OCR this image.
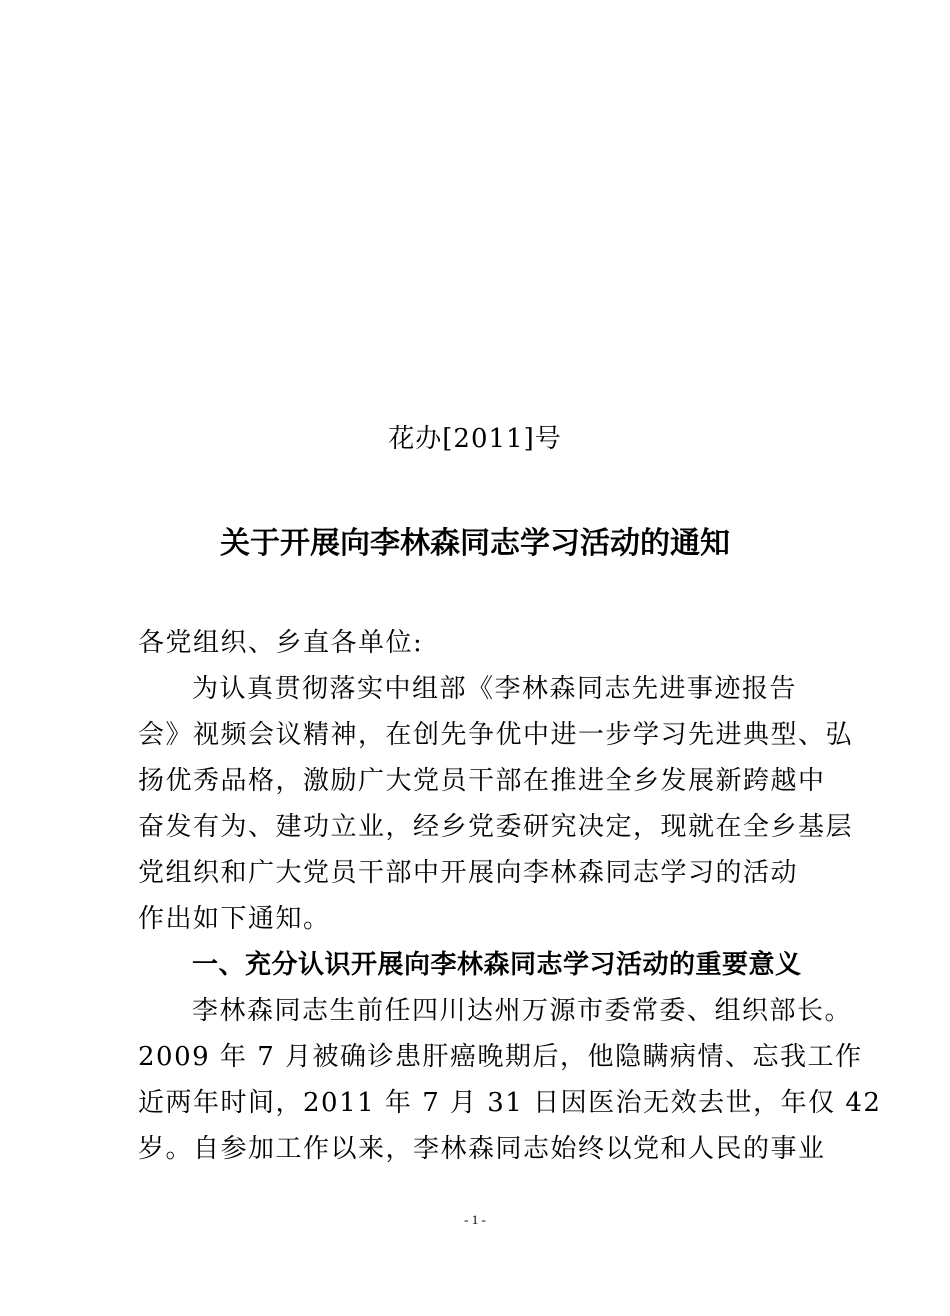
花办[2011]号
关于开展向李林森同志学习活动的通知
各党组织、乡直各单位:
为认真贯彻落实中组部《李林森同志先进事迹报告
会》视频会议精神，在创先争优中进一步学习先进典型、弘
扬优秀品格，激励广大党员干部在推进全乡发展新跨越中
奋发有为、建功立业，经乡党委研究决定，现就在全乡基层
党组织和广大党员干部中开展向李林森同志学习的活动
作出如下通知。
一、充分认识开展向李林森同志学习活动的重要意义
李林森同志生前任四川达州万源市委常委、组织部长。
2009 年 7 月被确诊患肝癌晚期后，他隐瞒病情、忘我工作
近两年时间，2011 年 7 月 31 日因医治无效去世，年仅 42
岁。自参加工作以来，李林森同志始终以党和人民的事业
- 1 -
